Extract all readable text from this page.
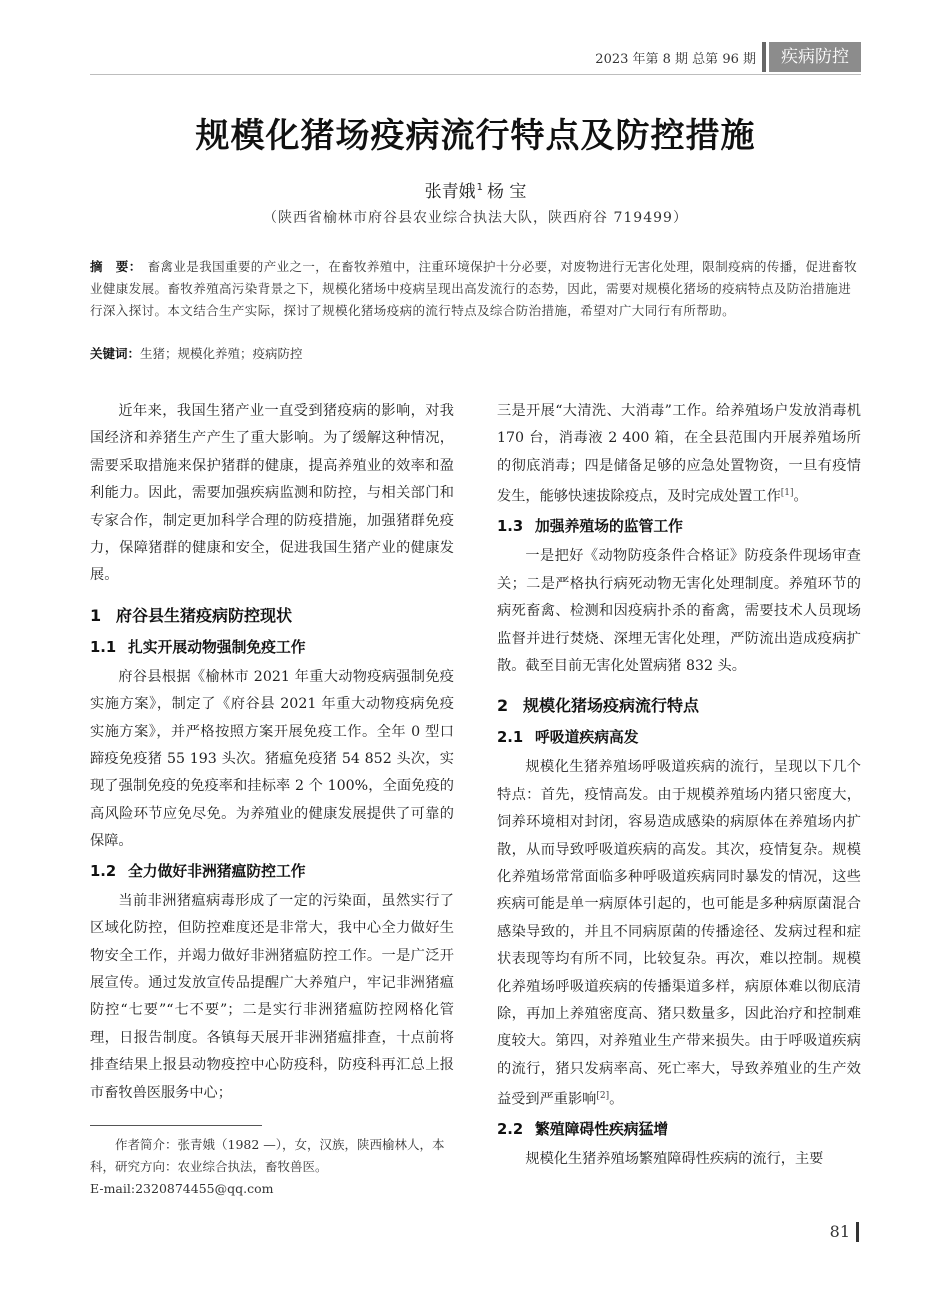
2023 年第 8 期 总第 96 期	疾病防控
规模化猪场疫病流行特点及防控措施
张青娥$^1$ 杨 宝
（陕西省榆林市府谷县农业综合执法大队，陕西府谷 719499）
摘　要： 畜禽业是我国重要的产业之一，在畜牧养殖中，注重环境保护十分必要，对废物进行无害化处理，限制疫病的传播，促进畜牧业健康发展。畜牧养殖高污染背景之下，规模化猪场中疫病呈现出高发流行的态势，因此，需要对规模化猪场的疫病特点及防治措施进行深入探讨。本文结合生产实际，探讨了规模化猪场疫病的流行特点及综合防治措施，希望对广大同行有所帮助。
关键词：生猪；规模化养殖；疫病防控

近年来，我国生猪产业一直受到猪疫病的影响，对我国经济和养猪生产产生了重大影响。为了缓解这种情况，需要采取措施来保护猪群的健康，提高养殖业的效率和盈利能力。因此，需要加强疾病监测和防控，与相关部门和专家合作，制定更加科学合理的防疫措施，加强猪群免疫力，保障猪群的健康和安全，促进我国生猪产业的健康发展。

1 府谷县生猪疫病防控现状
1.1 扎实开展动物强制免疫工作

府谷县根据《榆林市 2021 年重大动物疫病强制免疫实施方案》，制定了《府谷县 2021 年重大动物疫病免疫实施方案》，并严格按照方案开展免疫工作。全年 0 型口蹄疫免疫猪 55 193 头次。猪瘟免疫猪 54 852 头次，实现了强制免疫的免疫率和挂标率 2 个 100%，全面免疫的高风险环节应免尽免。为养殖业的健康发展提供了可靠的保障。

1.2 全力做好非洲猪瘟防控工作

当前非洲猪瘟病毒形成了一定的污染面，虽然实行了区域化防控，但防控难度还是非常大，我中心全力做好生物安全工作，并竭力做好非洲猪瘟防控工作。一是广泛开展宣传。通过发放宣传品提醒广大养殖户，牢记非洲猪瘟防控“七要”“七不要”；二是实行非洲猪瘟防控网格化管理，日报告制度。各镇每天展开非洲猪瘟排查，十点前将排查结果上报县动物疫控中心防疫科，防疫科再汇总上报市畜牧兽医服务中心；

作者简介：张青娥（1982 —），女，汉族，陕西榆林人，本科，研究方向：农业综合执法，畜牧兽医。
E-mail:2320874455@qq.com

三是开展“大清洗、大消毒”工作。给养殖场户发放消毒机 170 台，消毒液 2 400 箱，在全县范围内开展养殖场所的彻底消毒；四是储备足够的应急处置物资，一旦有疫情发生，能够快速拔除疫点，及时完成处置工作[1]。

1.3 加强养殖场的监管工作

一是把好《动物防疫条件合格证》防疫条件现场审查关；二是严格执行病死动物无害化处理制度。养殖环节的病死畜禽、检测和因疫病扑杀的畜禽，需要技术人员现场监督并进行焚烧、深埋无害化处理，严防流出造成疫病扩散。截至目前无害化处置病猪 832 头。

2 规模化猪场疫病流行特点
2.1 呼吸道疾病高发

规模化生猪养殖场呼吸道疾病的流行，呈现以下几个特点：首先，疫情高发。由于规模养殖场内猪只密度大，饲养环境相对封闭，容易造成感染的病原体在养殖场内扩散，从而导致呼吸道疾病的高发。其次，疫情复杂。规模化养殖场常常面临多种呼吸道疾病同时暴发的情况，这些疾病可能是单一病原体引起的，也可能是多种病原菌混合感染导致的，并且不同病原菌的传播途径、发病过程和症状表现等均有所不同，比较复杂。再次，难以控制。规模化养殖场呼吸道疾病的传播渠道多样，病原体难以彻底清除，再加上养殖密度高、猪只数量多，因此治疗和控制难度较大。第四，对养殖业生产带来损失。由于呼吸道疾病的流行，猪只发病率高、死亡率大，导致养殖业的生产效益受到严重影响[2]。

2.2 繁殖障碍性疾病猛增

规模化生猪养殖场繁殖障碍性疾病的流行，主要

81
